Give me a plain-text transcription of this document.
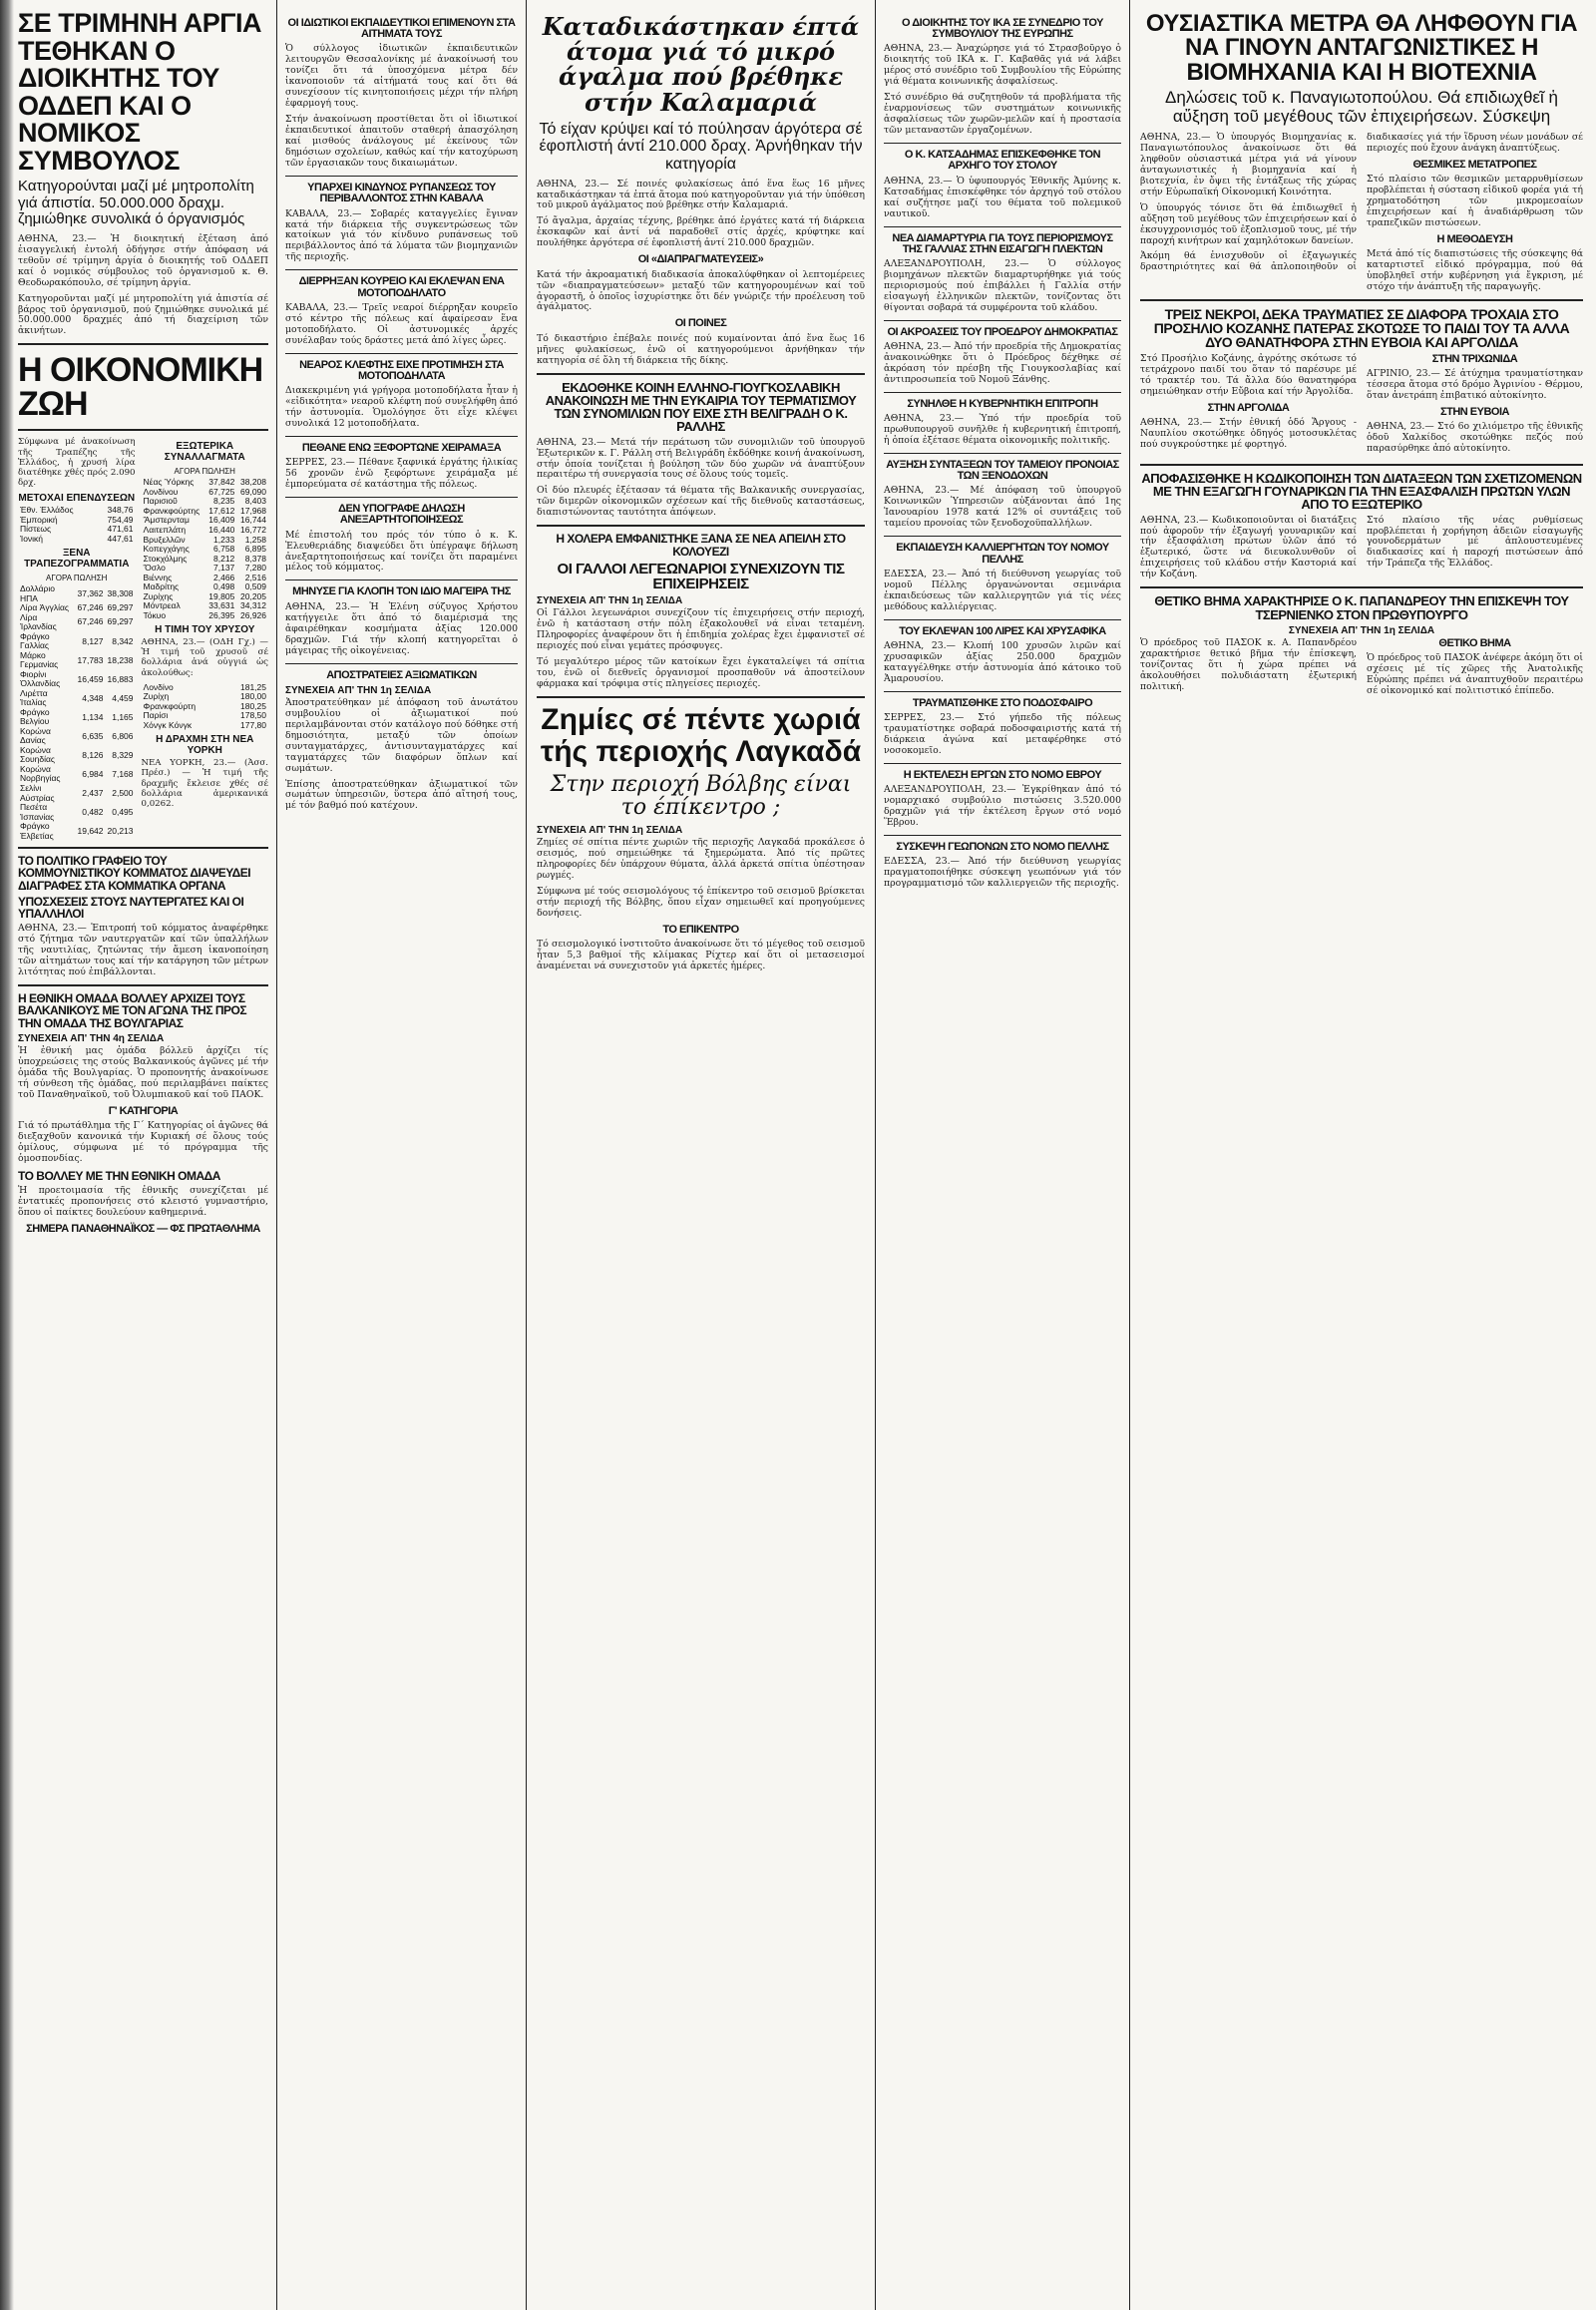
ΣΕ ΤΡΙΜΗΝΗ ΑΡΓΙΑ ΤΕΘΗΚΑΝ Ο ΔΙΟΙΚΗΤΗΣ ΤΟΥ ΟΔΔΕΠ ΚΑΙ Ο ΝΟΜΙΚΟΣ ΣΥΜΒΟΥΛΟΣ
Κατηγορούνται μαζί μέ μητροπολίτη γιά άπιστία. 50.000.000 δραχμ. ζημιώθηκε συνολικά ό όργανισμός

ΑΘΗΝΑ, 23.— Ἡ διοικητική ἐξέταση ἀπό ἐισαγγελική ἐντολή ὁδήγησε στήν ἀπόφαση νά τεθοῦν σέ τρίμηνη ἀργία ὁ διοικητής τοῦ ΟΔΔΕΠ καί ὁ νομικός σύμβουλος τοῦ ὀργανισμοῦ κ. Θ. Θεοδωρακόπουλο, σέ τρίμηνη ἀργία.

Κατηγοροῦνται μαζί μέ μητροπολίτη γιά ἀπιστία σέ βάρος τοῦ ὀργανισμοῦ, πού ζημιώθηκε συνολικά μέ 50.000.000 δραχμές ἀπό τή διαχείριση τῶν ἀκινήτων.

Η ΟΙΚΟΝΟΜΙΚΗ ΖΩΗ

Σύμφωνα μέ ἀνακοίνωση τῆς Τραπέζης τῆς Ἑλλάδος, ἡ χρυσή λίρα διατέθηκε χθές πρός 2.090 δρχ.

ΜΕΤΟΧΑΙ ΕΠΕΝΔΥΣΕΩΝ
Ἐθν. Ἑλλάδος	348,76
Ἐμπορική	754,49
Πίστεως	471,61
Ἰονική	447,61
ΞΕΝΑ ΤΡΑΠΕΖΟΓΡΑΜΜΑΤΙΑ
ΑΓΟΡΑ ΠΩΛΗΣΗ
Δολλάριο ΗΠΑ	37,362	38,308
Λίρα Ἀγγλίας	67,246	69,297
Λίρα Ἰρλανδίας	67,246	69,297
Φράγκο Γαλλίας	8,127	8,342
Μάρκο Γερμανίας	17,783	18,238
Φιορίνι Ὁλλανδίας	16,459	16,883
Λιρέττα Ἰταλίας	4,348	4,459
Φράγκο Βελγίου	1,134	1,165
Κορώνα Δανίας	6,635	6,806
Κορώνα Σουηδίας	8,126	8,329
Κορώνα Νορβηγίας	6,984	7,168
Σελίνι Αὐστρίας	2,437	2,500
Πεσέτα Ἱσπανίας	0,482	0,495
Φράγκο Ἑλβετίας	19,642	20,213
ΕΞΩΤΕΡΙΚΑ ΣΥΝΑΛΛΑΓΜΑΤΑ
ΑΓΟΡΑ ΠΩΛΗΣΗ
Νέας Ὑόρκης	37,842	38,208
Λονδίνου	67,725	69,090
Παρισιοῦ	8,235	8,403
Φρανκφούρτης	17,612	17,968
Ἄμστερνταμ	16,409	16,744
Λαιτεπλάτη	16,440	16,772
Βρυξελλῶν	1,233	1,258
Κοπεγχάγης	6,758	6,895
Στοκχόλμης	8,212	8,378
Ὄσλο	7,137	7,280
Βιέννης	2,466	2,516
Μαδρίτης	0,498	0,509
Ζυρίχης	19,805	20,205
Μόντρεαλ	33,631	34,312
Τόκυο	26,395	26,926
Η ΤΙΜΗ ΤΟΥ ΧΡΥΣΟΥ

ΑΘΗΝΑ, 23.— (ΟΔΗ Γχ.) — Ἡ τιμή τοῦ χρυσοῦ σέ δολλάρια ἀνά οὐγγιά ὡς ἀκολούθως:

Λονδίνο	181,25
Ζυρίχη	180,00
Φρανκφούρτη	180,25
Παρίσι	178,50
Χόνγκ Κόνγκ	177,80
Η ΔΡΑΧΜΗ ΣΤΗ ΝΕΑ ΥΟΡΚΗ

ΝΕΑ ΥΟΡΚΗ, 23.— (Ἀσσ. Πρέσ.) — Ἡ τιμή τῆς δραχμῆς ἔκλεισε χθές σέ δολλάρια ἀμερικανικά 0,0262.

ΤΟ ΠΟΛΙΤΙΚΟ ΓΡΑΦΕΙΟ ΤΟΥ ΚΟΜΜΟΥΝΙΣΤΙΚΟΥ ΚΟΜΜΑΤΟΣ ΔΙΑΨΕΥΔΕΙ ΔΙΑΓΡΑΦΕΣ ΣΤΑ ΚΟΜΜΑΤΙΚΑ ΟΡΓΑΝΑ
ΥΠΟΣΧΕΣΕΙΣ ΣΤΟΥΣ ΝΑΥΤΕΡΓΑΤΕΣ ΚΑΙ ΟΙ ΥΠΑΛΛΗΛΟΙ

ΑΘΗΝΑ, 23.— Ἑπιτροπή τοῦ κόμματος ἀναφέρθηκε στό ζήτημα τῶν ναυτεργατῶν καί τῶν ὑπαλλήλων τῆς ναυτιλίας, ζητώντας τήν ἄμεση ἱκανοποίηση τῶν αἰτημάτων τους καί τήν κατάργηση τῶν μέτρων λιτότητας πού ἐπιβάλλονται.

Η ΕΘΝΙΚΗ ΟΜΑΔΑ ΒΟΛΛΕΥ ΑΡΧΙΖΕΙ ΤΟΥΣ ΒΑΛΚΑΝΙΚΟΥΣ ΜΕ ΤΟΝ ΑΓΩΝΑ ΤΗΣ ΠΡΟΣ ΤΗΝ ΟΜΑΔΑ ΤΗΣ ΒΟΥΛΓΑΡΙΑΣ
ΣΥΝΕΧΕΙΑ ΑΠ' ΤΗΝ 4η ΣΕΛΙΔΑ

Ἡ ἐθνική μας ὁμάδα βόλλεϋ ἀρχίζει τίς ὑποχρεώσεις της στούς Βαλκανικούς ἀγῶνες μέ τήν ὁμάδα τῆς Βουλγαρίας. Ὁ προπονητής ἀνακοίνωσε τή σύνθεση τῆς ὁμάδας, πού περιλαμβάνει παίκτες τοῦ Παναθηναϊκοῦ, τοῦ Ὀλυμπιακοῦ καί τοῦ ΠΑΟΚ.

Γ' ΚΑΤΗΓΟΡΙΑ

Γιά τό πρωτάθλημα τῆς Γ΄ Κατηγορίας οἱ ἀγῶνες θά διεξαχθοῦν κανονικά τήν Κυριακή σέ ὅλους τούς ὁμίλους, σύμφωνα μέ τό πρόγραμμα τῆς ὁμοσπονδίας.

ΤΟ ΒΟΛΛΕΥ ΜΕ ΤΗΝ ΕΘΝΙΚΗ ΟΜΑΔΑ

Ἡ προετοιμασία τῆς ἐθνικῆς συνεχίζεται μέ ἐντατικές προπονήσεις στό κλειστό γυμναστήριο, ὅπου οἱ παίκτες δουλεύουν καθημερινά.

ΣΗΜΕΡΑ ΠΑΝΑΘΗΝΑΪΚΟΣ — ΦΣ ΠΡΩΤΑΘΛΗΜΑ
ΟΙ ΙΔΙΩΤΙΚΟΙ ΕΚΠΑΙΔΕΥΤΙΚΟΙ ΕΠΙΜΕΝΟΥΝ ΣΤΑ ΑΙΤΗΜΑΤΑ ΤΟΥΣ

Ὁ σύλλογος ἰδιωτικῶν ἐκπαιδευτικῶν λειτουργῶν Θεσσαλονίκης μέ ἀνακοίνωσή του τονίζει ὅτι τά ὑποσχόμενα μέτρα δέν ἱκανοποιοῦν τά αἰτήματά τους καί ὅτι θά συνεχίσουν τίς κινητοποιήσεις μέχρι τήν πλήρη ἐφαρμογή τους.

Στήν ἀνακοίνωση προστίθεται ὅτι οἱ ἰδιωτικοί ἐκπαιδευτικοί ἀπαιτοῦν σταθερή ἀπασχόληση καί μισθούς ἀνάλογους μέ ἐκείνους τῶν δημόσιων σχολείων, καθώς καί τήν κατοχύρωση τῶν ἐργασιακῶν τους δικαιωμάτων.

ΥΠΑΡΧΕΙ ΚΙΝΔΥΝΟΣ ΡΥΠΑΝΣΕΩΣ ΤΟΥ ΠΕΡΙΒΑΛΛΟΝΤΟΣ ΣΤΗΝ ΚΑΒΑΛΑ

ΚΑΒΑΛΑ, 23.— Σοβαρές καταγγελίες ἔγιναν κατά τήν διάρκεια τῆς συγκεντρώσεως τῶν κατοίκων γιά τόν κίνδυνο ρυπάνσεως τοῦ περιβάλλοντος ἀπό τά λύματα τῶν βιομηχανιῶν τῆς περιοχῆς.

ΔΙΕΡΡΗΞΑΝ ΚΟΥΡΕΙΟ ΚΑΙ ΕΚΛΕΨΑΝ ΕΝΑ ΜΟΤΟΠΟΔΗΛΑΤΟ

ΚΑΒΑΛΑ, 23.— Τρεῖς νεαροί διέρρηξαν κουρεῖο στό κέντρο τῆς πόλεως καί ἀφαίρεσαν ἕνα μοτοποδήλατο. Οἱ ἀστυνομικές ἀρχές συνέλαβαν τούς δράστες μετά ἀπό λίγες ὧρες.

ΝΕΑΡΟΣ ΚΛΕΦΤΗΣ ΕΙΧΕ ΠΡΟΤΙΜΗΣΗ ΣΤΑ ΜΟΤΟΠΟΔΗΛΑΤΑ

Διακεκριμένη γιά γρήγορα μοτοποδήλατα ἦταν ἡ «εἰδικότητα» νεαροῦ κλέφτη πού συνελήφθη ἀπό τήν ἀστυνομία. Ὁμολόγησε ὅτι εἶχε κλέψει συνολικά 12 μοτοποδήλατα.

ΠΕΘΑΝΕ ΕΝΩ ΞΕΦΟΡΤΩΝΕ ΧΕΙΡΑΜΑΞΑ

ΣΕΡΡΕΣ, 23.— Πέθανε ξαφνικά ἐργάτης ἡλικίας 56 χρονῶν ἐνῶ ξεφόρτωνε χειράμαξα μέ ἐμπορεύματα σέ κατάστημα τῆς πόλεως.

ΔΕΝ ΥΠΟΓΡΑΦΕ ΔΗΛΩΣΗ ΑΝΕΞΑΡΤΗΤΟΠΟΙΗΣΕΩΣ

Μέ ἐπιστολή του πρός τόν τύπο ὁ κ. Κ. Ἐλευθεριάδης διαψεύδει ὅτι ὑπέγραψε δήλωση ἀνεξαρτητοποιήσεως καί τονίζει ὅτι παραμένει μέλος τοῦ κόμματος.

ΜΗΝΥΣΕ ΓΙΑ ΚΛΟΠΗ ΤΟΝ ΙΔΙΟ ΜΑΓΕΙΡΑ ΤΗΣ

ΑΘΗΝΑ, 23.— Ἡ Ἑλένη σύζυγος Χρήστου κατήγγειλε ὅτι ἀπό τό διαμέρισμά της ἀφαιρέθηκαν κοσμήματα ἀξίας 120.000 δραχμῶν. Γιά τήν κλοπή κατηγορεῖται ὁ μάγειρας τῆς οἰκογένειας.

ΑΠΟΣΤΡΑΤΕΙΕΣ ΑΞΙΩΜΑΤΙΚΩΝ
ΣΥΝΕΧΕΙΑ ΑΠ' ΤΗΝ 1η ΣΕΛΙΔΑ

Ἀποστρατεύθηκαν μέ ἀπόφαση τοῦ ἀνωτάτου συμβουλίου οἱ ἀξιωματικοί πού περιλαμβάνονται στόν κατάλογο πού δόθηκε στή δημοσιότητα, μεταξύ τῶν ὁποίων συνταγματάρχες, ἀντισυνταγματάρχες καί ταγματάρχες τῶν διαφόρων ὅπλων καί σωμάτων.

Ἐπίσης ἀποστρατεύθηκαν ἀξιωματικοί τῶν σωμάτων ὑπηρεσιῶν, ὕστερα ἀπό αἴτησή τους, μέ τόν βαθμό πού κατέχουν.

Καταδικάστηκαν έπτά άτομα γιά τό μικρό άγαλμα πού βρέθηκε στήν Καλαμαριά
Τό είχαν κρύψει καί τό πούλησαν άργότερα σέ έφοπλιστή άντί 210.000 δραχ. Ἀρνήθηκαν τήν κατηγορία

ΑΘΗΝΑ, 23.— Σέ ποινές φυλακίσεως ἀπό ἕνα ἕως 16 μῆνες καταδικάστηκαν τά ἑπτά ἄτομα πού κατηγοροῦνταν γιά τήν ὑπόθεση τοῦ μικροῦ ἀγάλματος πού βρέθηκε στήν Καλαμαριά.

Τό ἄγαλμα, ἀρχαίας τέχνης, βρέθηκε ἀπό ἐργάτες κατά τή διάρκεια ἐκσκαφῶν καί ἀντί νά παραδοθεῖ στίς ἀρχές, κρύφτηκε καί πουλήθηκε ἀργότερα σέ ἐφοπλιστή ἀντί 210.000 δραχμῶν.

ΟΙ «ΔΙΑΠΡΑΓΜΑΤΕΥΣΕΙΣ»

Κατά τήν ἀκροαματική διαδικασία ἀποκαλύφθηκαν οἱ λεπτομέρειες τῶν «διαπραγματεύσεων» μεταξύ τῶν κατηγορουμένων καί τοῦ ἀγοραστῆ, ὁ ὁποῖος ἰσχυρίστηκε ὅτι δέν γνώριζε τήν προέλευση τοῦ ἀγάλματος.

ΟΙ ΠΟΙΝΕΣ

Τό δικαστήριο ἐπέβαλε ποινές πού κυμαίνονται ἀπό ἕνα ἕως 16 μῆνες φυλακίσεως, ἐνῶ οἱ κατηγορούμενοι ἀρνήθηκαν τήν κατηγορία σέ ὅλη τή διάρκεια τῆς δίκης.

ΕΚΔΟΘΗΚΕ ΚΟΙΝΗ ΕΛΛΗΝΟ-ΓΙΟΥΓΚΟΣΛΑΒΙΚΗ ΑΝΑΚΟΙΝΩΣΗ ΜΕ ΤΗΝ ΕΥΚΑΙΡΙΑ ΤΟΥ ΤΕΡΜΑΤΙΣΜΟΥ ΤΩΝ ΣΥΝΟΜΙΛΙΩΝ ΠΟΥ ΕΙΧΕ ΣΤΗ ΒΕΛΙΓΡΑΔΗ Ο Κ. ΡΑΛΛΗΣ

ΑΘΗΝΑ, 23.— Μετά τήν περάτωση τῶν συνομιλιῶν τοῦ ὑπουργοῦ Ἐξωτερικῶν κ. Γ. Ράλλη στή Βελιγράδη ἐκδόθηκε κοινή ἀνακοίνωση, στήν ὁποία τονίζεται ἡ βούληση τῶν δύο χωρῶν νά ἀναπτύξουν περαιτέρω τή συνεργασία τους σέ ὅλους τούς τομεῖς.

Οἱ δύο πλευρές ἐξέτασαν τά θέματα τῆς Βαλκανικῆς συνεργασίας, τῶν διμερῶν οἰκονομικῶν σχέσεων καί τῆς διεθνοῦς καταστάσεως, διαπιστώνοντας ταυτότητα ἀπόψεων.

Η ΧΟΛΕΡΑ ΕΜΦΑΝΙΣΤΗΚΕ ΞΑΝΑ ΣΕ ΝΕΑ ΑΠΕΙΛΗ ΣΤΟ ΚΟΛΟΥΕΖΙ
ΟΙ ΓΑΛΛΟΙ ΛΕΓΕΩΝΑΡΙΟΙ ΣΥΝΕΧΙΖΟΥΝ ΤΙΣ ΕΠΙΧΕΙΡΗΣΕΙΣ
ΣΥΝΕΧΕΙΑ ΑΠ' ΤΗΝ 1η ΣΕΛΙΔΑ

Οἱ Γάλλοι λεγεωνάριοι συνεχίζουν τίς ἐπιχειρήσεις στήν περιοχή, ἐνῶ ἡ κατάσταση στήν πόλη ἐξακολουθεῖ νά εἶναι τεταμένη. Πληροφορίες ἀναφέρουν ὅτι ἡ ἐπιδημία χολέρας ἔχει ἐμφανιστεῖ σέ περιοχές πού εἶναι γεμάτες πρόσφυγες.

Τό μεγαλύτερο μέρος τῶν κατοίκων ἔχει ἐγκαταλείψει τά σπίτια του, ἐνῶ οἱ διεθνεῖς ὀργανισμοί προσπαθοῦν νά ἀποστείλουν φάρμακα καί τρόφιμα στίς πληγείσες περιοχές.

Ζημίες σέ πέντε χωριά τής περιοχής Λαγκαδά
Στην περιοχή Βόλβης είναι το έπίκεντρο ;
ΣΥΝΕΧΕΙΑ ΑΠ' ΤΗΝ 1η ΣΕΛΙΔΑ

Ζημίες σέ σπίτια πέντε χωριῶν τῆς περιοχῆς Λαγκαδά προκάλεσε ὁ σεισμός, πού σημειώθηκε τά ξημερώματα. Ἀπό τίς πρῶτες πληροφορίες δέν ὑπάρχουν θύματα, ἀλλά ἀρκετά σπίτια ὑπέστησαν ρωγμές.

Σύμφωνα μέ τούς σεισμολόγους τό ἐπίκεντρο τοῦ σεισμοῦ βρίσκεται στήν περιοχή τῆς Βόλβης, ὅπου εἶχαν σημειωθεῖ καί προηγούμενες δονήσεις.

ΤΟ ΕΠΙΚΕΝΤΡΟ

Τό σεισμολογικό ἰνστιτοῦτο ἀνακοίνωσε ὅτι τό μέγεθος τοῦ σεισμοῦ ἦταν 5,3 βαθμοί τῆς κλίμακας Ρίχτερ καί ὅτι οἱ μετασεισμοί ἀναμένεται νά συνεχιστοῦν γιά ἀρκετές ἡμέρες.

Ο ΔΙΟΙΚΗΤΗΣ ΤΟΥ ΙΚΑ ΣΕ ΣΥΝΕΔΡΙΟ ΤΟΥ ΣΥΜΒΟΥΛΙΟΥ ΤΗΣ ΕΥΡΩΠΗΣ

ΑΘΗΝΑ, 23.— Ἀναχώρησε γιά τό Στρασβοῦργο ὁ διοικητής τοῦ ΙΚΑ κ. Γ. Καβαθᾶς γιά νά λάβει μέρος στό συνέδριο τοῦ Συμβουλίου τῆς Εὐρώπης γιά θέματα κοινωνικῆς ἀσφαλίσεως.

Στό συνέδριο θά συζητηθοῦν τά προβλήματα τῆς ἐναρμονίσεως τῶν συστημάτων κοινωνικῆς ἀσφαλίσεως τῶν χωρῶν-μελῶν καί ἡ προστασία τῶν μεταναστῶν ἐργαζομένων.

Ο Κ. ΚΑΤΣΑΔΗΜΑΣ ΕΠΙΣΚΕΦΘΗΚΕ ΤΟΝ ΑΡΧΗΓΟ ΤΟΥ ΣΤΟΛΟΥ

ΑΘΗΝΑ, 23.— Ὁ ὑφυπουργός Ἐθνικῆς Ἀμύνης κ. Κατσαδήμας ἐπισκέφθηκε τόν ἀρχηγό τοῦ στόλου καί συζήτησε μαζί του θέματα τοῦ πολεμικοῦ ναυτικοῦ.

ΝΕΑ ΔΙΑΜΑΡΤΥΡΙΑ ΓΙΑ ΤΟΥΣ ΠΕΡΙΟΡΙΣΜΟΥΣ ΤΗΣ ΓΑΛΛΙΑΣ ΣΤΗΝ ΕΙΣΑΓΩΓΗ ΠΛΕΚΤΩΝ

ΑΛΕΞΑΝΔΡΟΥΠΟΛΗ, 23.— Ὁ σύλλογος βιομηχάνων πλεκτῶν διαμαρτυρήθηκε γιά τούς περιορισμούς πού ἐπιβάλλει ἡ Γαλλία στήν εἰσαγωγή ἑλληνικῶν πλεκτῶν, τονίζοντας ὅτι θίγονται σοβαρά τά συμφέροντα τοῦ κλάδου.

ΟΙ ΑΚΡΟΑΣΕΙΣ ΤΟΥ ΠΡΟΕΔΡΟΥ ΔΗΜΟΚΡΑΤΙΑΣ

ΑΘΗΝΑ, 23.— Ἀπό τήν προεδρία τῆς Δημοκρατίας ἀνακοινώθηκε ὅτι ὁ Πρόεδρος δέχθηκε σέ ἀκρόαση τόν πρέσβη τῆς Γιουγκοσλαβίας καί ἀντιπροσωπεία τοῦ Νομοῦ Ξάνθης.

ΣΥΝΗΛΘΕ Η ΚΥΒΕΡΝΗΤΙΚΗ ΕΠΙΤΡΟΠΗ

ΑΘΗΝΑ, 23.— Ὑπό τήν προεδρία τοῦ πρωθυπουργοῦ συνῆλθε ἡ κυβερνητική ἐπιτροπή, ἡ ὁποία ἐξέτασε θέματα οἰκονομικῆς πολιτικῆς.

ΑΥΞΗΣΗ ΣΥΝΤΑΞΕΩΝ ΤΟΥ ΤΑΜΕΙΟΥ ΠΡΟΝΟΙΑΣ ΤΩΝ ΞΕΝΟΔΟΧΩΝ

ΑΘΗΝΑ, 23.— Μέ ἀπόφαση τοῦ ὑπουργοῦ Κοινωνικῶν Ὑπηρεσιῶν αὐξάνονται ἀπό 1ης Ἰανουαρίου 1978 κατά 12% οἱ συντάξεις τοῦ ταμείου προνοίας τῶν ξενοδοχοϋπαλλήλων.

ΕΚΠΑΙΔΕΥΣΗ ΚΑΛΛΙΕΡΓΗΤΩΝ ΤΟΥ ΝΟΜΟΥ ΠΕΛΛΗΣ

ΕΔΕΣΣΑ, 23.— Ἀπό τή διεύθυνση γεωργίας τοῦ νομοῦ Πέλλης ὀργανώνονται σεμινάρια ἐκπαιδεύσεως τῶν καλλιεργητῶν γιά τίς νέες μεθόδους καλλιέργειας.

ΤΟΥ ΕΚΛΕΨΑΝ 100 ΛΙΡΕΣ ΚΑΙ ΧΡΥΣΑΦΙΚΑ

ΑΘΗΝΑ, 23.— Κλοπή 100 χρυσῶν λιρῶν καί χρυσαφικῶν ἀξίας 250.000 δραχμῶν καταγγέλθηκε στήν ἀστυνομία ἀπό κάτοικο τοῦ Ἀμαρουσίου.

ΤΡΑΥΜΑΤΙΣΘΗΚΕ ΣΤΟ ΠΟΔΟΣΦΑΙΡΟ

ΣΕΡΡΕΣ, 23.— Στό γήπεδο τῆς πόλεως τραυματίστηκε σοβαρά ποδοσφαιριστής κατά τή διάρκεια ἀγώνα καί μεταφέρθηκε στό νοσοκομεῖο.

Η ΕΚΤΕΛΕΣΗ ΕΡΓΩΝ ΣΤΟ ΝΟΜΟ ΕΒΡΟΥ

ΑΛΕΞΑΝΔΡΟΥΠΟΛΗ, 23.— Ἐγκρίθηκαν ἀπό τό νομαρχιακό συμβούλιο πιστώσεις 3.520.000 δραχμῶν γιά τήν ἐκτέλεση ἔργων στό νομό Ἕβρου.

ΣΥΣΚΕΨΗ ΓΕΩΠΟΝΩΝ ΣΤΟ ΝΟΜΟ ΠΕΛΛΗΣ

ΕΔΕΣΣΑ, 23.— Ἀπό τήν διεύθυνση γεωργίας πραγματοποιήθηκε σύσκεψη γεωπόνων γιά τόν προγραμματισμό τῶν καλλιεργειῶν τῆς περιοχῆς.

ΟΥΣΙΑΣΤΙΚΑ ΜΕΤΡΑ ΘΑ ΛΗΦΘΟΥΝ ΓΙΑ ΝΑ ΓΙΝΟΥΝ ΑΝΤΑΓΩΝΙΣΤΙΚΕΣ Η ΒΙΟΜΗΧΑΝΙΑ ΚΑΙ Η ΒΙΟΤΕΧΝΙΑ
Δηλώσεις τοῦ κ. Παναγιωτοπούλου. Θά επιδιωχθεῖ ἡ αὔξηση τοῦ μεγέθους τῶν ἐπιχειρήσεων. Σύσκεψη

ΑΘΗΝΑ, 23.— Ὁ ὑπουργός Βιομηχανίας κ. Παναγιωτόπουλος ἀνακοίνωσε ὅτι θά ληφθοῦν οὐσιαστικά μέτρα γιά νά γίνουν ἀνταγωνιστικές ἡ βιομηχανία καί ἡ βιοτεχνία, ἐν ὄψει τῆς ἐντάξεως τῆς χώρας στήν Εὐρωπαϊκή Οἰκονομική Κοινότητα.

Ὁ ὑπουργός τόνισε ὅτι θά ἐπιδιωχθεῖ ἡ αὔξηση τοῦ μεγέθους τῶν ἐπιχειρήσεων καί ὁ ἐκσυγχρονισμός τοῦ ἐξοπλισμοῦ τους, μέ τήν παροχή κινήτρων καί χαμηλότοκων δανείων.

Ἀκόμη θά ἐνισχυθοῦν οἱ ἐξαγωγικές δραστηριότητες καί θά ἀπλοποιηθοῦν οἱ διαδικασίες γιά τήν ἵδρυση νέων μονάδων σέ περιοχές πού ἔχουν ἀνάγκη ἀναπτύξεως.

ΘΕΣΜΙΚΕΣ ΜΕΤΑΤΡΟΠΕΣ

Στό πλαίσιο τῶν θεσμικῶν μεταρρυθμίσεων προβλέπεται ἡ σύσταση εἰδικοῦ φορέα γιά τή χρηματοδότηση τῶν μικρομεσαίων ἐπιχειρήσεων καί ἡ ἀναδιάρθρωση τῶν τραπεζικῶν πιστώσεων.

Η ΜΕΘΟΔΕΥΣΗ

Μετά ἀπό τίς διαπιστώσεις τῆς σύσκεψης θά καταρτιστεῖ εἰδικό πρόγραμμα, πού θά ὑποβληθεῖ στήν κυβέρνηση γιά ἔγκριση, μέ στόχο τήν ἀνάπτυξη τῆς παραγωγῆς.

ΤΡΕΙΣ ΝΕΚΡΟΙ, ΔΕΚΑ ΤΡΑΥΜΑΤΙΕΣ ΣΕ ΔΙΑΦΟΡΑ ΤΡΟΧΑΙΑ ΣΤΟ ΠΡΟΣΗΛΙΟ ΚΟΖΑΝΗΣ ΠΑΤΕΡΑΣ ΣΚΟΤΩΣΕ ΤΟ ΠΑΙΔΙ ΤΟΥ ΤΑ ΑΛΛΑ ΔΥΟ ΘΑΝΑΤΗΦΟΡΑ ΣΤΗΝ ΕΥΒΟΙΑ ΚΑΙ ΑΡΓΟΛΙΔΑ

Στό Προσήλιο Κοζάνης, ἀγρότης σκότωσε τό τετράχρονο παιδί του ὅταν τό παρέσυρε μέ τό τρακτέρ του. Τά ἄλλα δύο θανατηφόρα σημειώθηκαν στήν Εὔβοια καί τήν Ἀργολίδα.

ΣΤΗΝ ΑΡΓΟΛΙΔΑ

ΑΘΗΝΑ, 23.— Στήν ἐθνική ὁδό Ἄργους - Ναυπλίου σκοτώθηκε ὁδηγός μοτοσυκλέτας πού συγκρούστηκε μέ φορτηγό.

ΣΤΗΝ ΤΡΙΧΩΝΙΔΑ

ΑΓΡΙΝΙΟ, 23.— Σέ ἀτύχημα τραυματίστηκαν τέσσερα ἄτομα στό δρόμο Ἀγρινίου - Θέρμου, ὅταν ἀνετράπη ἐπιβατικό αὐτοκίνητο.

ΣΤΗΝ ΕΥΒΟΙΑ

ΑΘΗΝΑ, 23.— Στό 6ο χιλιόμετρο τῆς ἐθνικῆς ὁδοῦ Χαλκίδος σκοτώθηκε πεζός πού παρασύρθηκε ἀπό αὐτοκίνητο.

ΑΠΟΦΑΣΙΣΘΗΚΕ Η ΚΩΔΙΚΟΠΟΙΗΣΗ ΤΩΝ ΔΙΑΤΑΞΕΩΝ ΤΩΝ ΣΧΕΤΙΖΟΜΕΝΩΝ ΜΕ ΤΗΝ ΕΞΑΓΩΓΗ ΓΟΥΝΑΡΙΚΩΝ ΓΙΑ ΤΗΝ ΕΞΑΣΦΑΛΙΣΗ ΠΡΩΤΩΝ ΥΛΩΝ ΑΠΟ ΤΟ ΕΞΩΤΕΡΙΚΟ

ΑΘΗΝΑ, 23.— Κωδικοποιοῦνται οἱ διατάξεις πού ἀφοροῦν τήν ἐξαγωγή γουναρικῶν καί τήν ἐξασφάλιση πρώτων ὑλῶν ἀπό τό ἐξωτερικό, ὥστε νά διευκολυνθοῦν οἱ ἐπιχειρήσεις τοῦ κλάδου στήν Καστοριά καί τήν Κοζάνη.

Στό πλαίσιο τῆς νέας ρυθμίσεως προβλέπεται ἡ χορήγηση ἀδειῶν εἰσαγωγῆς γουνοδερμάτων μέ ἀπλουστευμένες διαδικασίες καί ἡ παροχή πιστώσεων ἀπό τήν Τράπεζα τῆς Ἑλλάδος.

ΘΕΤΙΚΟ ΒΗΜΑ ΧΑΡΑΚΤΗΡΙΣΕ Ο Κ. ΠΑΠΑΝΔΡΕΟΥ ΤΗΝ ΕΠΙΣΚΕΨΗ ΤΟΥ ΤΣΕΡΝΙΕΝΚΟ ΣΤΟΝ ΠΡΩΘΥΠΟΥΡΓΟ
ΣΥΝΕΧΕΙΑ ΑΠ' ΤΗΝ 1η ΣΕΛΙΔΑ

Ὁ πρόεδρος τοῦ ΠΑΣΟΚ κ. Α. Παπανδρέου χαρακτήρισε θετικό βῆμα τήν ἐπίσκεψη, τονίζοντας ὅτι ἡ χώρα πρέπει νά ἀκολουθήσει πολυδιάστατη ἐξωτερική πολιτική.

ΘΕΤΙΚΟ ΒΗΜΑ

Ὁ πρόεδρος τοῦ ΠΑΣΟΚ ἀνέφερε ἀκόμη ὅτι οἱ σχέσεις μέ τίς χῶρες τῆς Ἀνατολικῆς Εὐρώπης πρέπει νά ἀναπτυχθοῦν περαιτέρω σέ οἰκονομικό καί πολιτιστικό ἐπίπεδο.
